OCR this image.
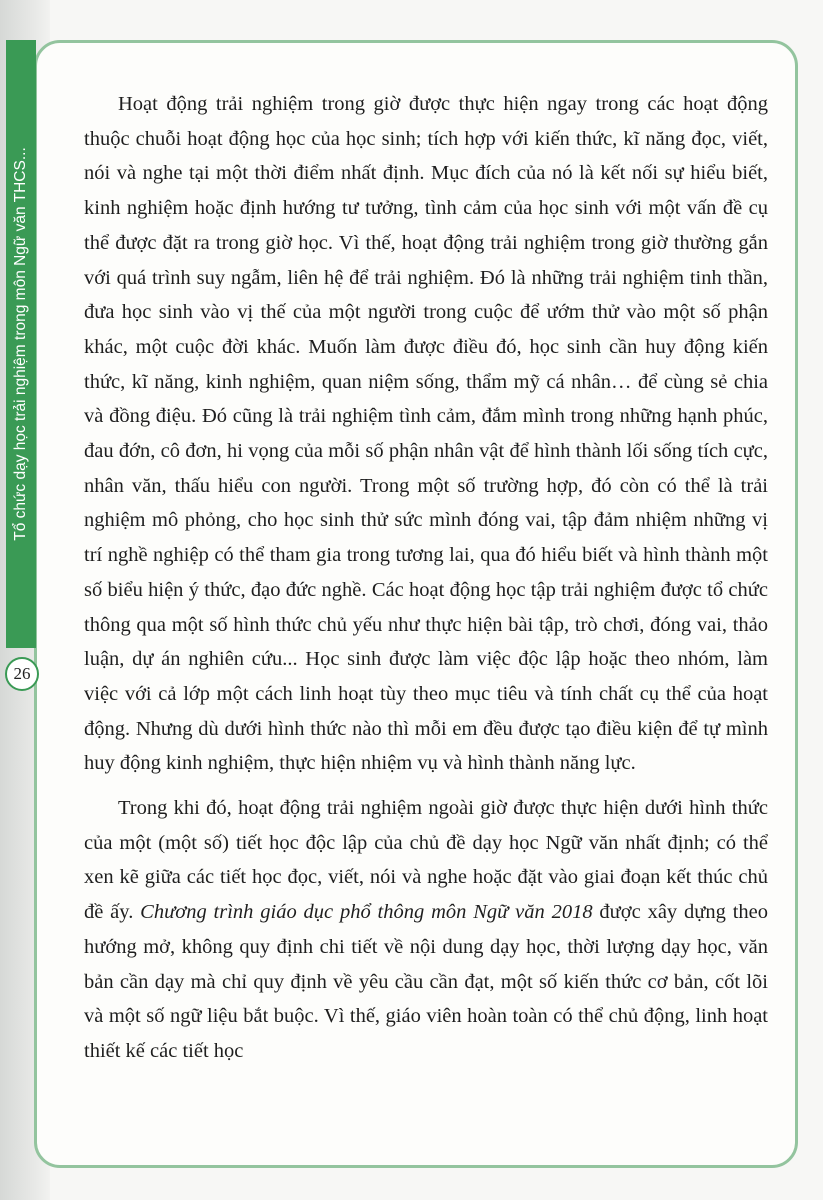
Tổ chức dạy học trải nghiệm trong môn Ngữ văn THCS...
26

Hoạt động trải nghiệm trong giờ được thực hiện ngay trong các hoạt động thuộc chuỗi hoạt động học của học sinh; tích hợp với kiến thức, kĩ năng đọc, viết, nói và nghe tại một thời điểm nhất định. Mục đích của nó là kết nối sự hiểu biết, kinh nghiệm hoặc định hướng tư tưởng, tình cảm của học sinh với một vấn đề cụ thể được đặt ra trong giờ học. Vì thế, hoạt động trải nghiệm trong giờ thường gắn với quá trình suy ngẫm, liên hệ để trải nghiệm. Đó là những trải nghiệm tinh thần, đưa học sinh vào vị thế của một người trong cuộc để ướm thử vào một số phận khác, một cuộc đời khác. Muốn làm được điều đó, học sinh cần huy động kiến thức, kĩ năng, kinh nghiệm, quan niệm sống, thẩm mỹ cá nhân… để cùng sẻ chia và đồng điệu. Đó cũng là trải nghiệm tình cảm, đắm mình trong những hạnh phúc, đau đớn, cô đơn, hi vọng của mỗi số phận nhân vật để hình thành lối sống tích cực, nhân văn, thấu hiểu con người. Trong một số trường hợp, đó còn có thể là trải nghiệm mô phỏng, cho học sinh thử sức mình đóng vai, tập đảm nhiệm những vị trí nghề nghiệp có thể tham gia trong tương lai, qua đó hiểu biết và hình thành một số biểu hiện ý thức, đạo đức nghề. Các hoạt động học tập trải nghiệm được tổ chức thông qua một số hình thức chủ yếu như thực hiện bài tập, trò chơi, đóng vai, thảo luận, dự án nghiên cứu... Học sinh được làm việc độc lập hoặc theo nhóm, làm việc với cả lớp một cách linh hoạt tùy theo mục tiêu và tính chất cụ thể của hoạt động. Nhưng dù dưới hình thức nào thì mỗi em đều được tạo điều kiện để tự mình huy động kinh nghiệm, thực hiện nhiệm vụ và hình thành năng lực.

Trong khi đó, hoạt động trải nghiệm ngoài giờ được thực hiện dưới hình thức của một (một số) tiết học độc lập của chủ đề dạy học Ngữ văn nhất định; có thể xen kẽ giữa các tiết học đọc, viết, nói và nghe hoặc đặt vào giai đoạn kết thúc chủ đề ấy. Chương trình giáo dục phổ thông môn Ngữ văn 2018 được xây dựng theo hướng mở, không quy định chi tiết về nội dung dạy học, thời lượng dạy học, văn bản cần dạy mà chỉ quy định về yêu cầu cần đạt, một số kiến thức cơ bản, cốt lõi và một số ngữ liệu bắt buộc. Vì thế, giáo viên hoàn toàn có thể chủ động, linh hoạt thiết kế các tiết học
